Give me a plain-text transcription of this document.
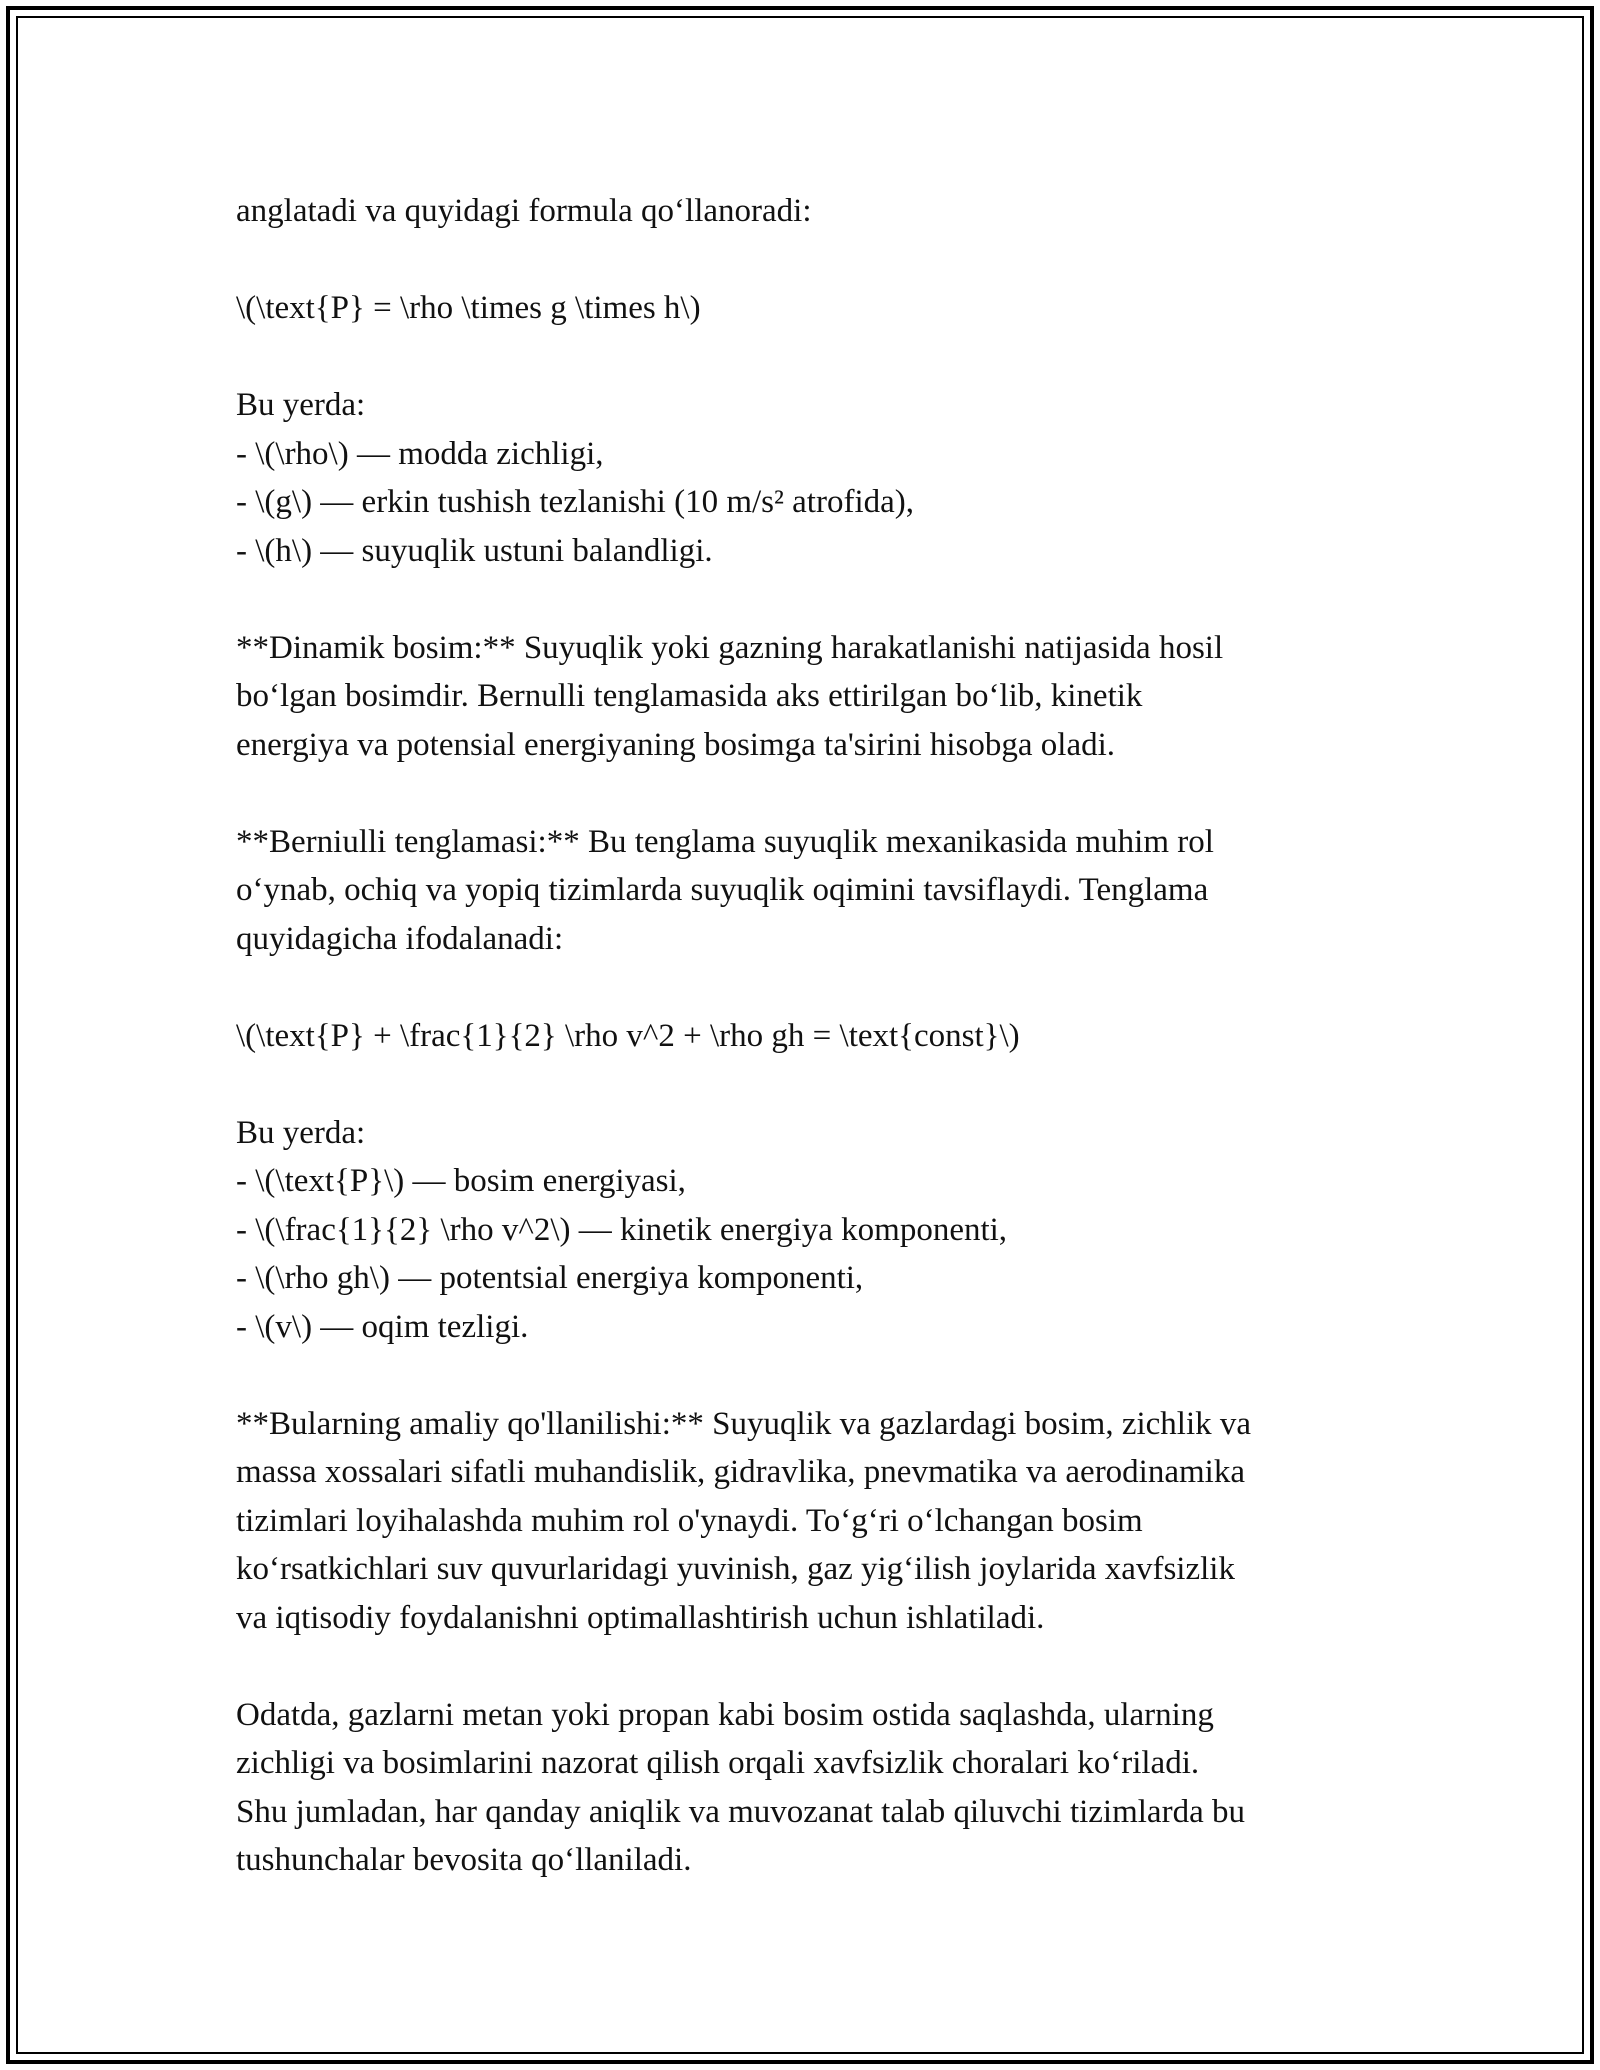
anglatadi va quyidagi formula qo‘llanoradi:

\(\text{P} = \rho \times g \times h\)

Bu yerda:

- \(\rho\) — modda zichligi,

- \(g\) — erkin tushish tezlanishi (10 m/s² atrofida),

- \(h\) — suyuqlik ustuni balandligi.

**Dinamik bosim:** Suyuqlik yoki gazning harakatlanishi natijasida hosil

bo‘lgan bosimdir. Bernulli tenglamasida aks ettirilgan bo‘lib, kinetik

energiya va potensial energiyaning bosimga ta'sirini hisobga oladi.

**Berniulli tenglamasi:** Bu tenglama suyuqlik mexanikasida muhim rol

o‘ynab, ochiq va yopiq tizimlarda suyuqlik oqimini tavsiflaydi. Tenglama

quyidagicha ifodalanadi:

\(\text{P} + \frac{1}{2} \rho v^2 + \rho gh = \text{const}\)

Bu yerda:

- \(\text{P}\) — bosim energiyasi,

- \(\frac{1}{2} \rho v^2\) — kinetik energiya komponenti,

- \(\rho gh\) — potentsial energiya komponenti,

- \(v\) — oqim tezligi.

**Bularning amaliy qo'llanilishi:** Suyuqlik va gazlardagi bosim, zichlik va

massa xossalari sifatli muhandislik, gidravlika, pnevmatika va aerodinamika

tizimlari loyihalashda muhim rol o'ynaydi. To‘g‘ri o‘lchangan bosim

ko‘rsatkichlari suv quvurlaridagi yuvinish, gaz yig‘ilish joylarida xavfsizlik

va iqtisodiy foydalanishni optimallashtirish uchun ishlatiladi.

Odatda, gazlarni metan yoki propan kabi bosim ostida saqlashda, ularning

zichligi va bosimlarini nazorat qilish orqali xavfsizlik choralari ko‘riladi.

Shu jumladan, har qanday aniqlik va muvozanat talab qiluvchi tizimlarda bu

tushunchalar bevosita qo‘llaniladi.
